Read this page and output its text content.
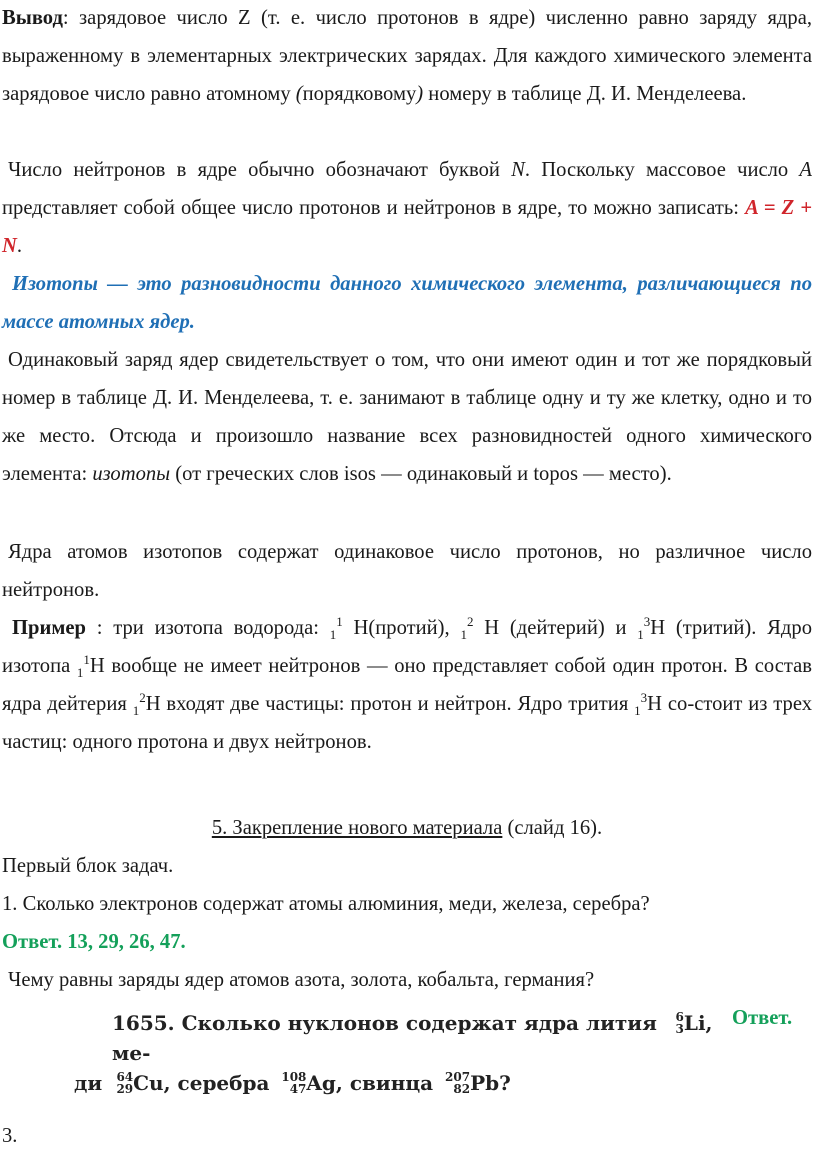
Вывод: зарядовое число Z (т. е. число протонов в ядре) численно равно заряду ядра, выраженному в элементарных электрических зарядах. Для каждого химического элемента зарядовое число равно атомному (порядковому) номеру в таблице Д. И. Менделеева.

Число нейтронов в ядре обычно обозначают буквой N. Поскольку массовое число A представляет собой общее число протонов и нейтронов в ядре, то можно записать: A = Z + N.

Изотопы — это разновидности данного химического элемента, различающиеся по массе атомных ядер.

Одинаковый заряд ядер свидетельствует о том, что они имеют один и тот же порядковый номер в таблице Д. И. Менделеева, т. е. занимают в таблице одну и ту же клетку, одно и то же место. Отсюда и произошло название всех разновидностей одного химического элемента: изотопы (от греческих слов isos — одинаковый и topos — место).

Ядра атомов изотопов содержат одинаковое число протонов, но различное число нейтронов.

Пример : три изотопа водорода: $_1^1$ Н(протий), $_1^2$ Н (дейтерий) и $_1^3$Н (тритий). Ядро изотопа $_1^1$Н вообще не имеет нейтронов — оно представляет собой один протон. В состав ядра дейтерия $_1^2$Н входят две частицы: протон и нейтрон. Ядро трития $_1^3$Н со-стоит из трех частиц: одного протона и двух нейтронов.

5. Закрепление нового материала (слайд 16).

Первый блок задач.

1. Сколько электронов содержат атомы алюминия, меди, железа, серебра?

Ответ. 13, 29, 26, 47.

Чему равны заряды ядер атомов азота, золота, кобальта, германия?

Ответ.
1655. Сколько нуклонов содержат ядра лития 6
3 Li, ме-
ди 64
29 Cu, серебра 108
47 Ag, свинца 207
82 Pb?

3.
